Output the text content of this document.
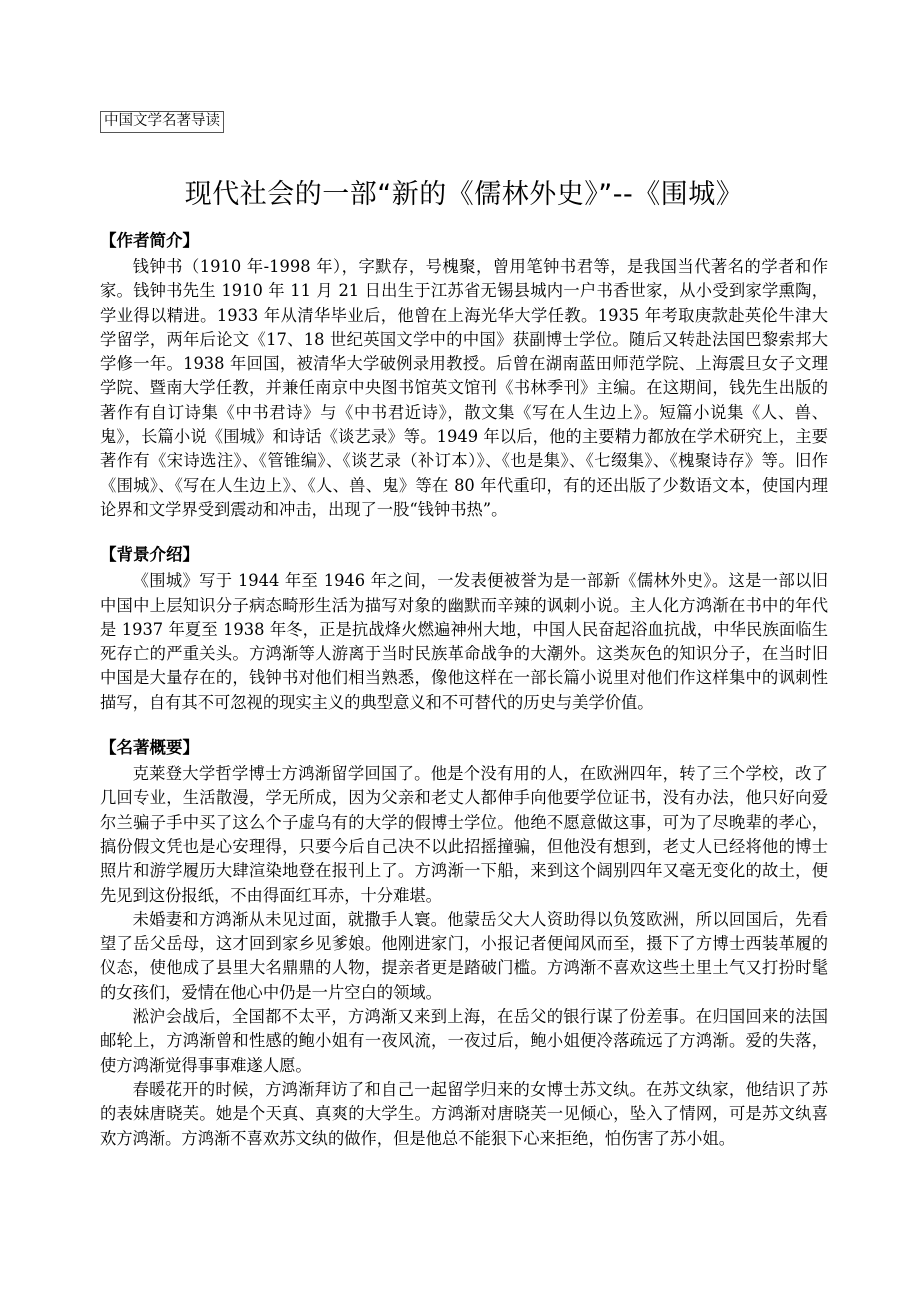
中国文学名著导读
现代社会的一部“新的《儒林外史》”--《围城》
【作者简介】

钱钟书（1910 年-1998 年），字默存，号槐聚，曾用笔钟书君等，是我国当代著名的学者和作家。钱钟书先生 1910 年 11 月 21 日出生于江苏省无锡县城内一户书香世家，从小受到家学熏陶，学业得以精进。1933 年从清华毕业后，他曾在上海光华大学任教。1935 年考取庚款赴英伦牛津大学留学，两年后论文《17、18 世纪英国文学中的中国》获副博士学位。随后又转赴法国巴黎索邦大学修一年。1938 年回国，被清华大学破例录用教授。后曾在湖南蓝田师范学院、上海震旦女子文理学院、暨南大学任教，并兼任南京中央图书馆英文馆刊《书林季刊》主编。在这期间，钱先生出版的著作有自订诗集《中书君诗》与《中书君近诗》，散文集《写在人生边上》。短篇小说集《人、兽、鬼》，长篇小说《围城》和诗话《谈艺录》等。1949 年以后，他的主要精力都放在学术研究上，主要著作有《宋诗选注》、《管锥编》、《谈艺录（补订本）》、《也是集》、《七缀集》、《槐聚诗存》等。旧作《围城》、《写在人生边上》、《人、兽、鬼》等在 80 年代重印，有的还出版了少数语文本，使国内理论界和文学界受到震动和冲击，出现了一股“钱钟书热”。

【背景介绍】

《围城》写于 1944 年至 1946 年之间，一发表便被誉为是一部新《儒林外史》。这是一部以旧中国中上层知识分子病态畸形生活为描写对象的幽默而辛辣的讽刺小说。主人化方鸿渐在书中的年代是 1937 年夏至 1938 年冬，正是抗战烽火燃遍神州大地，中国人民奋起浴血抗战，中华民族面临生死存亡的严重关头。方鸿渐等人游离于当时民族革命战争的大潮外。这类灰色的知识分子，在当时旧中国是大量存在的，钱钟书对他们相当熟悉，像他这样在一部长篇小说里对他们作这样集中的讽刺性描写，自有其不可忽视的现实主义的典型意义和不可替代的历史与美学价值。

【名著概要】

克莱登大学哲学博士方鸿渐留学回国了。他是个没有用的人，在欧洲四年，转了三个学校，改了几回专业，生活散漫，学无所成，因为父亲和老丈人都伸手向他要学位证书，没有办法，他只好向爱尔兰骗子手中买了这么个子虚乌有的大学的假博士学位。他绝不愿意做这事，可为了尽晚辈的孝心，搞份假文凭也是心安理得，只要今后自己决不以此招摇撞骗，但他没有想到，老丈人已经将他的博士照片和游学履历大肆渲染地登在报刊上了。方鸿渐一下船，来到这个阔别四年又毫无变化的故土，便先见到这份报纸，不由得面红耳赤，十分难堪。

未婚妻和方鸿渐从未见过面，就撒手人寰。他蒙岳父大人资助得以负笈欧洲，所以回国后，先看望了岳父岳母，这才回到家乡见爹娘。他刚进家门，小报记者便闻风而至，摄下了方博士西装革履的仪态，使他成了县里大名鼎鼎的人物，提亲者更是踏破门槛。方鸿渐不喜欢这些土里土气又打扮时髦的女孩们，爱情在他心中仍是一片空白的领域。

淞沪会战后，全国都不太平，方鸿渐又来到上海，在岳父的银行谋了份差事。在归国回来的法国邮轮上，方鸿渐曾和性感的鲍小姐有一夜风流，一夜过后，鲍小姐便冷落疏远了方鸿渐。爱的失落，使方鸿渐觉得事事难遂人愿。

春暖花开的时候，方鸿渐拜访了和自己一起留学归来的女博士苏文纨。在苏文纨家，他结识了苏的表妹唐晓芙。她是个天真、真爽的大学生。方鸿渐对唐晓芙一见倾心，坠入了情网，可是苏文纨喜欢方鸿渐。方鸿渐不喜欢苏文纨的做作，但是他总不能狠下心来拒绝，怕伤害了苏小姐。
